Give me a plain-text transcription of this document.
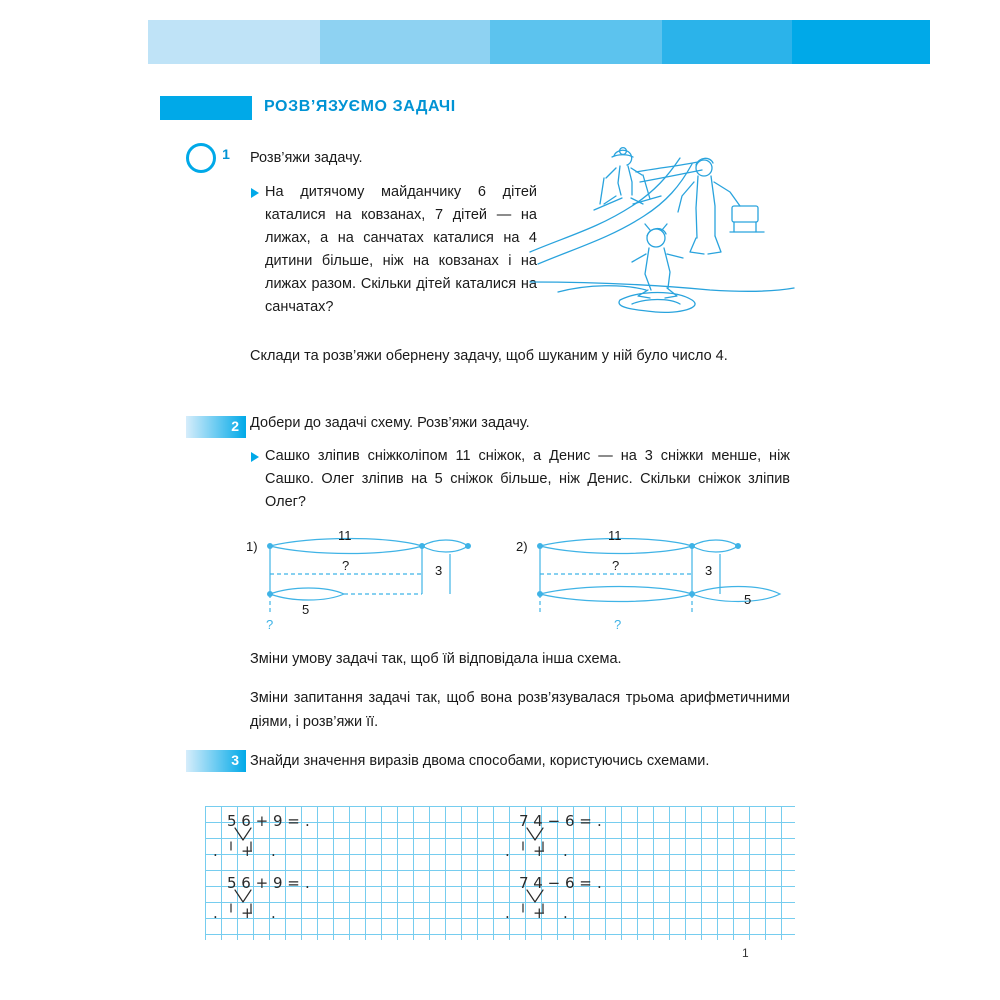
РОЗВ’ЯЗУЄМО ЗАДАЧІ
1	Розв’яжи задачу.
На дитячому майданчику 6 дітей каталися на ковзанах, 7 дітей — на лижах, а на санчатах каталися на 4 дитини більше, ніж на ковзанах і на лижах разом. Скільки дітей каталися на санчатах?
Склади та розв’яжи обернену задачу, щоб шуканим у ній було число 4.
2 Добери до задачі схему. Розв’яжи задачу.
Сашко зліпив сніжколіпом 11 сніжок, а Денис — на 3 сніжки менше, ніж Сашко. Олег зліпив на 5 сніжок більше, ніж Денис. Скільки сніжок зліпив Олег?
1)
11
?	3
5
?
2)
11
?	3
5
?
Зміни умову задачі так, щоб їй відповідала інша схема.
Зміни запитання задачі так, щоб вона розв’язувалася трьома арифметичними діями, і розв’яжи її.
3 Знайди значення виразів двома способами, користуючись схемами.
5 6 + 9 = .
. + .
7 4 − 6 = .
. + .
5 6 + 9 = .
. + .
7 4 − 6 = .
. + .
1
